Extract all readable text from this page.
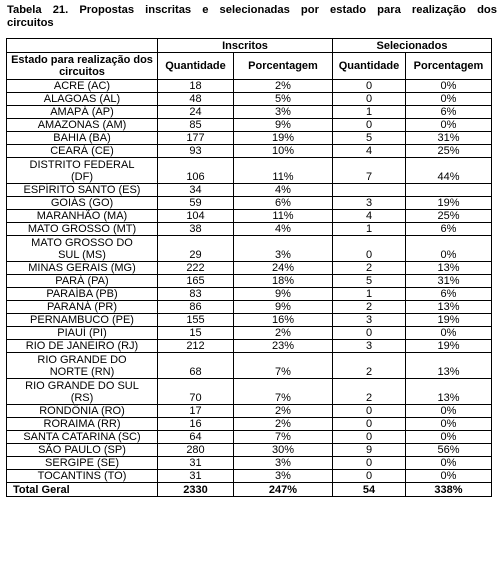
Tabela 21. Propostas inscritas e selecionadas por estado para realização dos
circuitos
	Inscritos		Selecionados	
Estado para realização dos circuitos	Quantidade	Porcentagem	Quantidade	Porcentagem

ACRE (AC)	18	2%	0	0%

ALAGOAS (AL)	48	5%	0	0%

AMAPÁ (AP)	24	3%	1	6%

AMAZONAS (AM)	85	9%	0	0%

BAHIA (BA)	177	19%	5	31%

CEARÁ (CE)	93	10%	4	25%

DISTRITO FEDERAL
(DF)	106	11%	7	44%

ESPÍRITO SANTO (ES)	34	4%		

GOIÁS (GO)	59	6%	3	19%

MARANHÃO (MA)	104	11%	4	25%

MATO GROSSO (MT)	38	4%	1	6%

MATO GROSSO DO
SUL (MS)	29	3%	0	0%

MINAS GERAIS (MG)	222	24%	2	13%

PARÁ (PA)	165	18%	5	31%

PARAÍBA (PB)	83	9%	1	6%

PARANÁ (PR)	86	9%	2	13%

PERNAMBUCO (PE)	155	16%	3	19%

PIAUÍ (PI)	15	2%	0	0%

RIO DE JANEIRO (RJ)	212	23%	3	19%

RIO GRANDE DO
NORTE (RN)	68	7%	2	13%

RIO GRANDE DO SUL
(RS)	70	7%	2	13%

RONDÔNIA (RO)	17	2%	0	0%

RORAIMA (RR)	16	2%	0	0%

SANTA CATARINA (SC)	64	7%	0	0%

SÃO PAULO (SP)	280	30%	9	56%

SERGIPE (SE)	31	3%	0	0%

TOCANTINS (TO)	31	3%	0	0%
Total Geral	2330	247%	54	338%
